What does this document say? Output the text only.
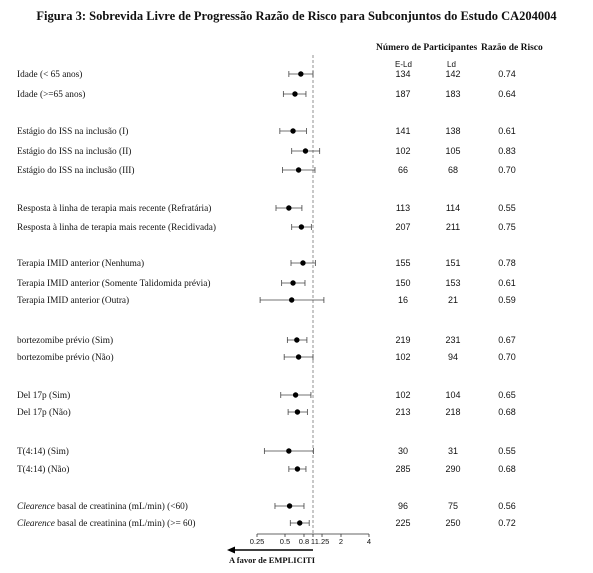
Figura 3: Sobrevida Livre de Progressão Razão de Risco para Subconjuntos do Estudo CA204004
Número de Participantes Razão de Risco
E-Ld	Ld
Idade (< 65 anos)	134	142	0.74
Idade (>=65 anos)	187	183	0.64
Estágio do ISS na inclusão (I)	141	138	0.61
Estágio do ISS na inclusão (II)	102	105	0.83
Estágio do ISS na inclusão (III)	66	68	0.70
Resposta à linha de terapia mais recente (Refratária)	113	114	0.55
Resposta à linha de terapia mais recente (Recidivada)	207	211	0.75
Terapia IMID anterior (Nenhuma)	155	151	0.78
Terapia IMID anterior (Somente Talidomida prévia)	150	153	0.61
Terapia IMID anterior (Outra)	16	21	0.59
bortezomibe prévio (Sim)	219	231	0.67
bortezomibe prévio (Não)	102	94	0.70
Del 17p (Sim)	102	104	0.65
Del 17p (Não)	213	218	0.68
T(4:14) (Sim)	30	31	0.55
T(4:14) (Não)	285	290	0.68
Clearence basal de creatinina (mL/min) (<60)	96	75	0.56
Clearence basal de creatinina (mL/min) (>= 60)	225	250	0.72
0.25 0.5 0.8 1 1.25 2	4
A favor de EMPLICITI
